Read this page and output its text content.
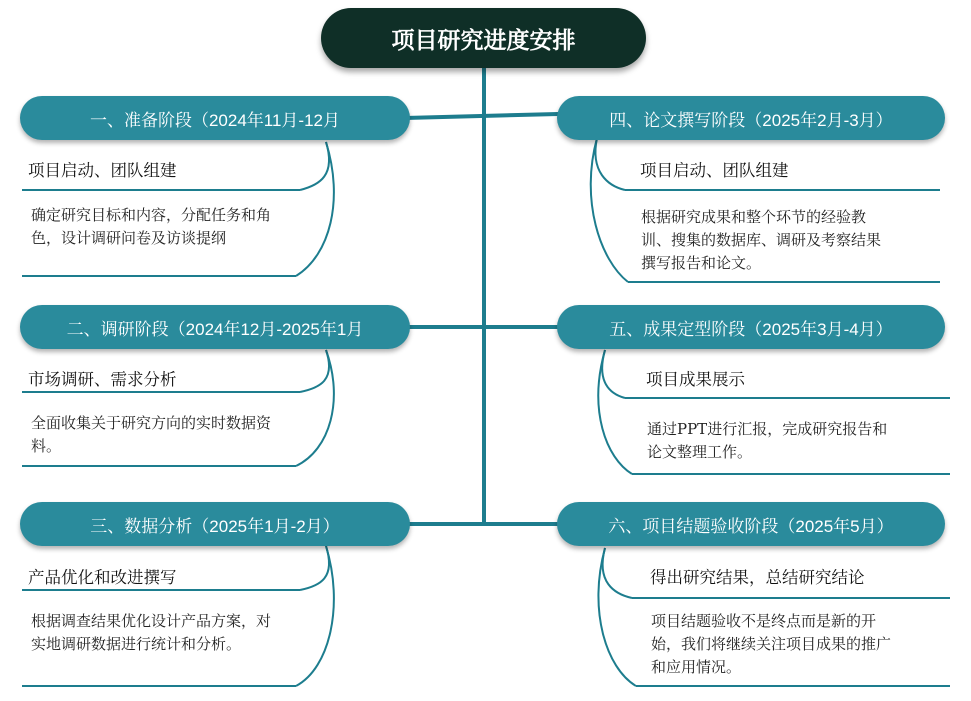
项目研究进度安排
一、准备阶段（2024年11月-12月
项目启动、团队组建
确定研究目标和内容，分配任务和角色，设计调研问卷及访谈提纲
二、调研阶段（2024年12月-2025年1月
市场调研、需求分析
全面收集关于研究方向的实时数据资料。
三、数据分析（2025年1月-2月）
产品优化和改进撰写
根据调查结果优化设计产品方案，对实地调研数据进行统计和分析。
四、论文撰写阶段（2025年2月-3月）
项目启动、团队组建
根据研究成果和整个环节的经验教训、搜集的数据库、调研及考察结果撰写报告和论文。
五、成果定型阶段（2025年3月-4月）
项目成果展示
通过PPT进行汇报，完成研究报告和论文整理工作。
六、项目结题验收阶段（2025年5月）
得出研究结果，总结研究结论
项目结题验收不是终点而是新的开始，我们将继续关注项目成果的推广和应用情况。
